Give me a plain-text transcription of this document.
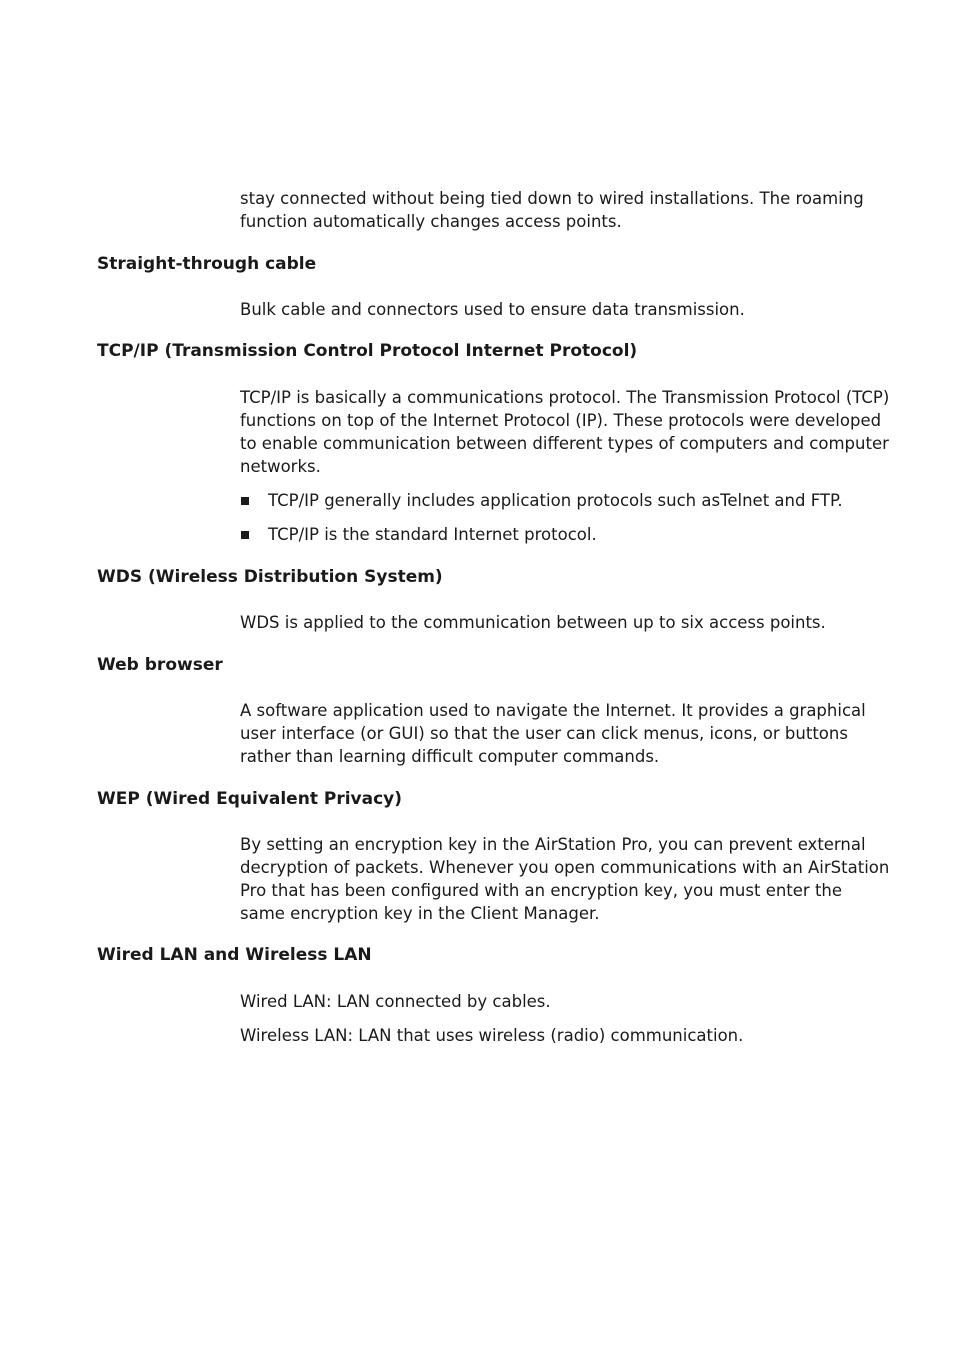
stay connected without being tied down to wired installations. The roaming function automatically changes access points.

Straight-through cable

Bulk cable and connectors used to ensure data transmission.

TCP/IP (Transmission Control Protocol Internet Protocol)

TCP/IP is basically a communications protocol. The Transmission Protocol (TCP) functions on top of the Internet Protocol (IP). These protocols were developed to enable communication between different types of computers and computer networks.

TCP/IP generally includes application protocols such asTelnet and FTP.
TCP/IP is the standard Internet protocol.
WDS (Wireless Distribution System)

WDS is applied to the communication between up to six access points.

Web browser

A software application used to navigate the Internet. It provides a graphical user interface (or GUI) so that the user can click menus, icons, or buttons rather than learning difficult computer commands.

WEP (Wired Equivalent Privacy)

By setting an encryption key in the AirStation Pro, you can prevent external decryption of packets. Whenever you open communications with an AirStation Pro that has been configured with an encryption key, you must enter the same encryption key in the Client Manager.

Wired LAN and Wireless LAN

Wired LAN: LAN connected by cables.

Wireless LAN: LAN that uses wireless (radio) communication.
